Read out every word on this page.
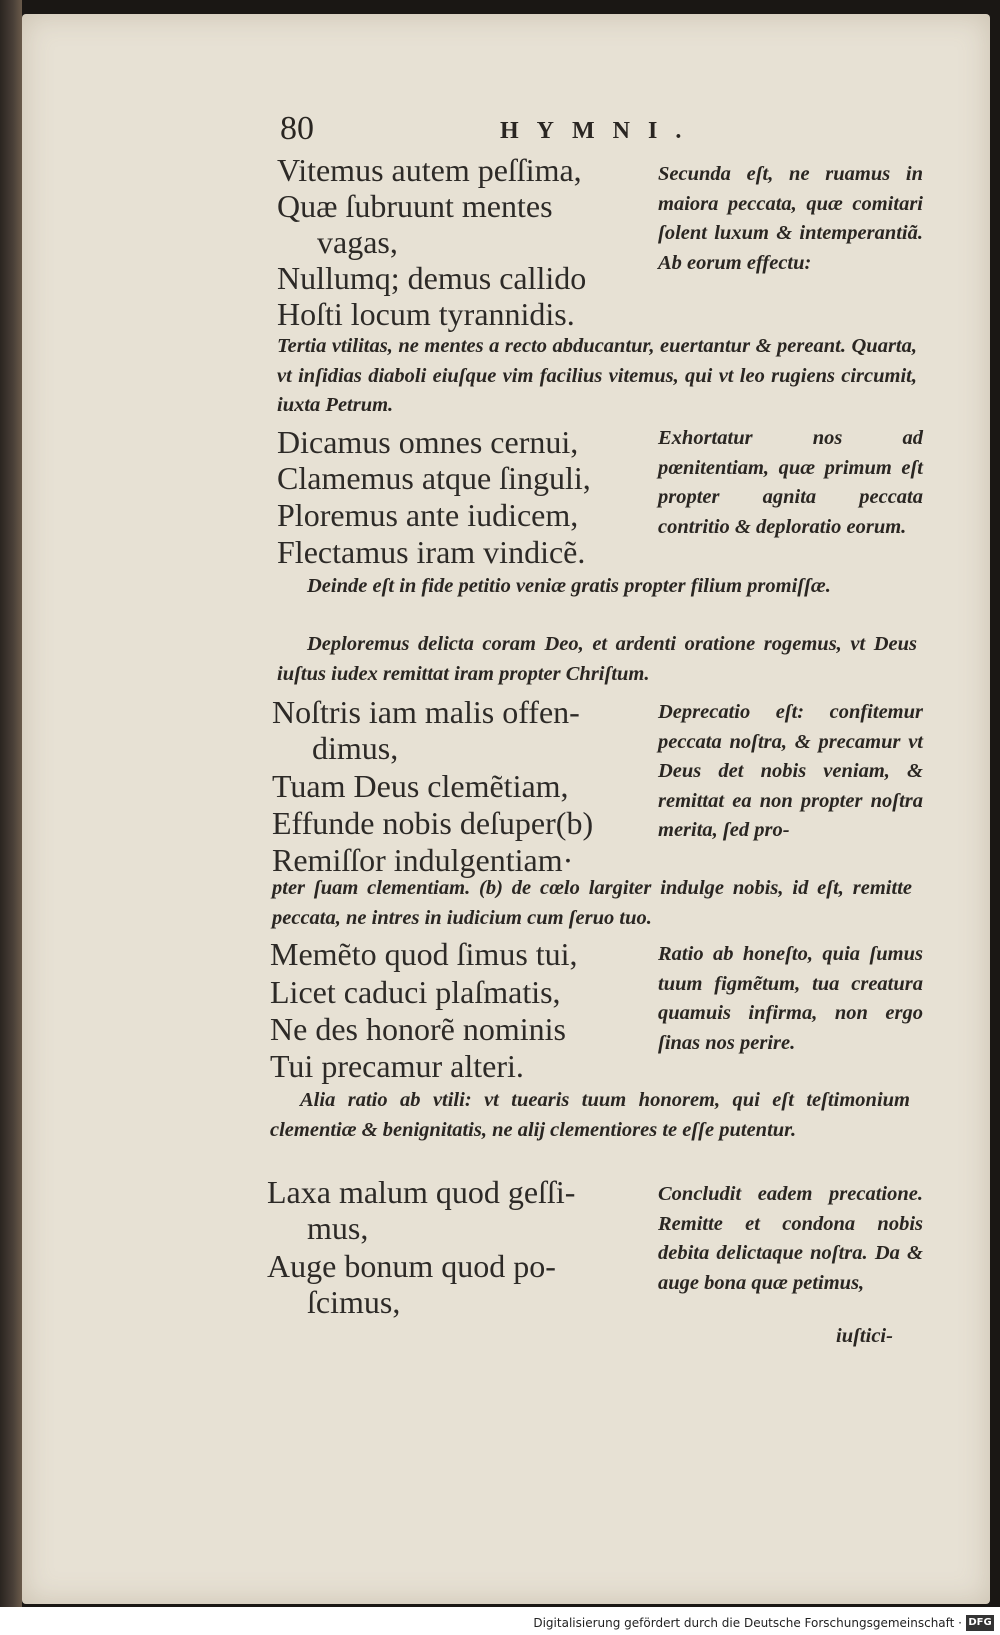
80	HYMNI.
Vitemus autem peſſima,
Quæ ſubruunt mentes
vagas,
Nullumq; demus callido
Hoſti locum tyrannidis.
Secunda eſt, ne ruamus in maiora peccata, quæ comitari ſolent luxum & intemperantiã. Ab eorum effectu:
Tertia vtilitas, ne mentes a recto abducantur, euertantur & pereant. Quarta, vt inſidias diaboli eiuſque vim facilius vitemus, qui vt leo rugiens circumit, iuxta Petrum.
Dicamus omnes cernui,
Clamemus atque ſinguli,
Ploremus ante iudicem,
Flectamus iram vindicẽ.
Exhortatur nos ad pœnitentiam, quæ primum eſt propter agnita peccata contritio & deploratio eorum.
Deinde eſt in fide petitio veniæ gratis propter filium promiſſæ.
Deploremus delicta coram Deo, et ardenti oratione rogemus, vt Deus iuſtus iudex remittat iram propter Chriſtum.
Noſtris iam malis offen-
dimus,
Tuam Deus clemẽtiam,
Effunde nobis deſuper(b)
Remiſſor indulgentiam·
Deprecatio eſt: confitemur peccata noſtra, & precamur vt Deus det nobis veniam, & remittat ea non propter noſtra merita, ſed pro-
pter ſuam clementiam. (b) de cœlo largiter indulge nobis, id eſt, remitte peccata, ne intres in iudicium cum ſeruo tuo.
Memẽto quod ſimus tui,
Licet caduci plaſmatis,
Ne des honorẽ nominis
Tui precamur alteri.
Ratio ab honeſto, quia ſumus tuum figmẽtum, tua creatura quamuis infirma, non ergo ſinas nos perire.
Alia ratio ab vtili: vt tuearis tuum honorem, qui eſt teſtimonium clementiæ & benignitatis, ne alij clementiores te eſſe putentur.
Laxa malum quod geſſi-
mus,
Auge bonum quod po-
ſcimus,
Concludit eadem precatione. Remitte et condona nobis debita delictaque noſtra. Da & auge bona quæ petimus,
iuſtici-
Digitalisierung gefördert durch die Deutsche Forschungsgemeinschaft · DFG
